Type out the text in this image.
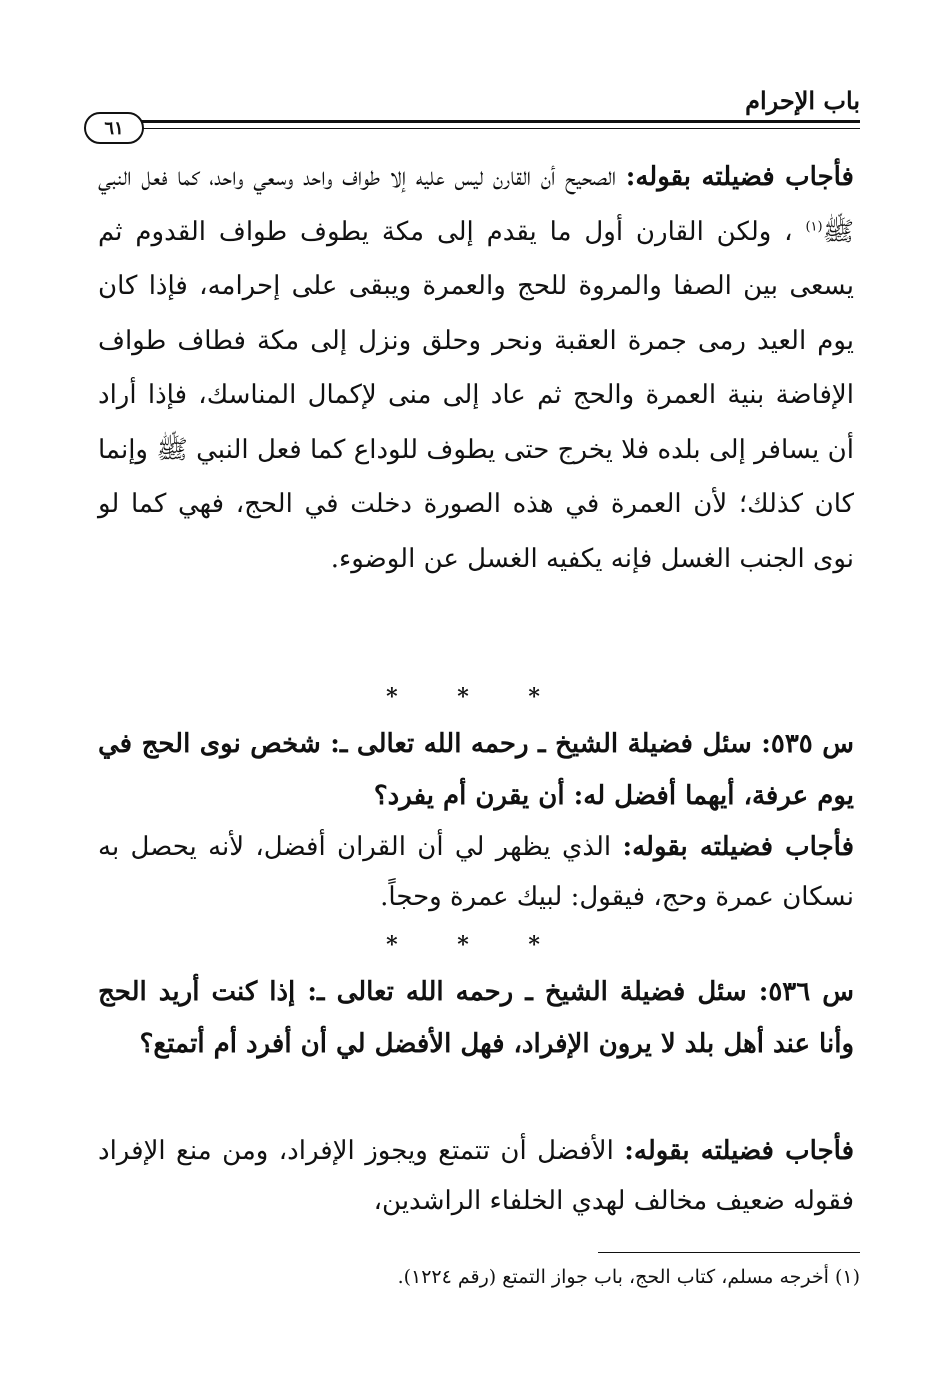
باب الإحرام
٦١
فأجاب فضيلته بقوله: الصحيح أن القارن ليس عليه إلا طواف واحد وسعي واحد، كما فعل النبي ﷺ$^{(١)}$ ، ولكن القارن أول ما يقدم إلى مكة يطوف طواف القدوم ثم يسعى بين الصفا والمروة للحج والعمرة ويبقى على إحرامه، فإذا كان يوم العيد رمى جمرة العقبة ونحر وحلق ونزل إلى مكة فطاف طواف الإفاضة بنية العمرة والحج ثم عاد إلى منى لإكمال المناسك، فإذا أراد أن يسافر إلى بلده فلا يخرج حتى يطوف للوداع كما فعل النبي ﷺ وإنما كان كذلك؛ لأن العمرة في هذه الصورة دخلت في الحج، فهي كما لو نوى الجنب الغسل فإنه يكفيه الغسل عن الوضوء.
* * *
س ٥٣٥: سئل فضيلة الشيخ ـ رحمه الله تعالى ـ: شخص نوى الحج في يوم عرفة، أيهما أفضل له: أن يقرن أم يفرد؟
فأجاب فضيلته بقوله: الذي يظهر لي أن القران أفضل، لأنه يحصل به نسكان عمرة وحج، فيقول: لبيك عمرة وحجاً.
* * *
س ٥٣٦: سئل فضيلة الشيخ ـ رحمه الله تعالى ـ: إذا كنت أريد الحج وأنا عند أهل بلد لا يرون الإفراد، فهل الأفضل لي أن أفرد أم أتمتع؟
فأجاب فضيلته بقوله: الأفضل أن تتمتع ويجوز الإفراد، ومن منع الإفراد فقوله ضعيف مخالف لهدي الخلفاء الراشدين،
(١) أخرجه مسلم، كتاب الحج، باب جواز التمتع (رقم ١٢٢٤).
